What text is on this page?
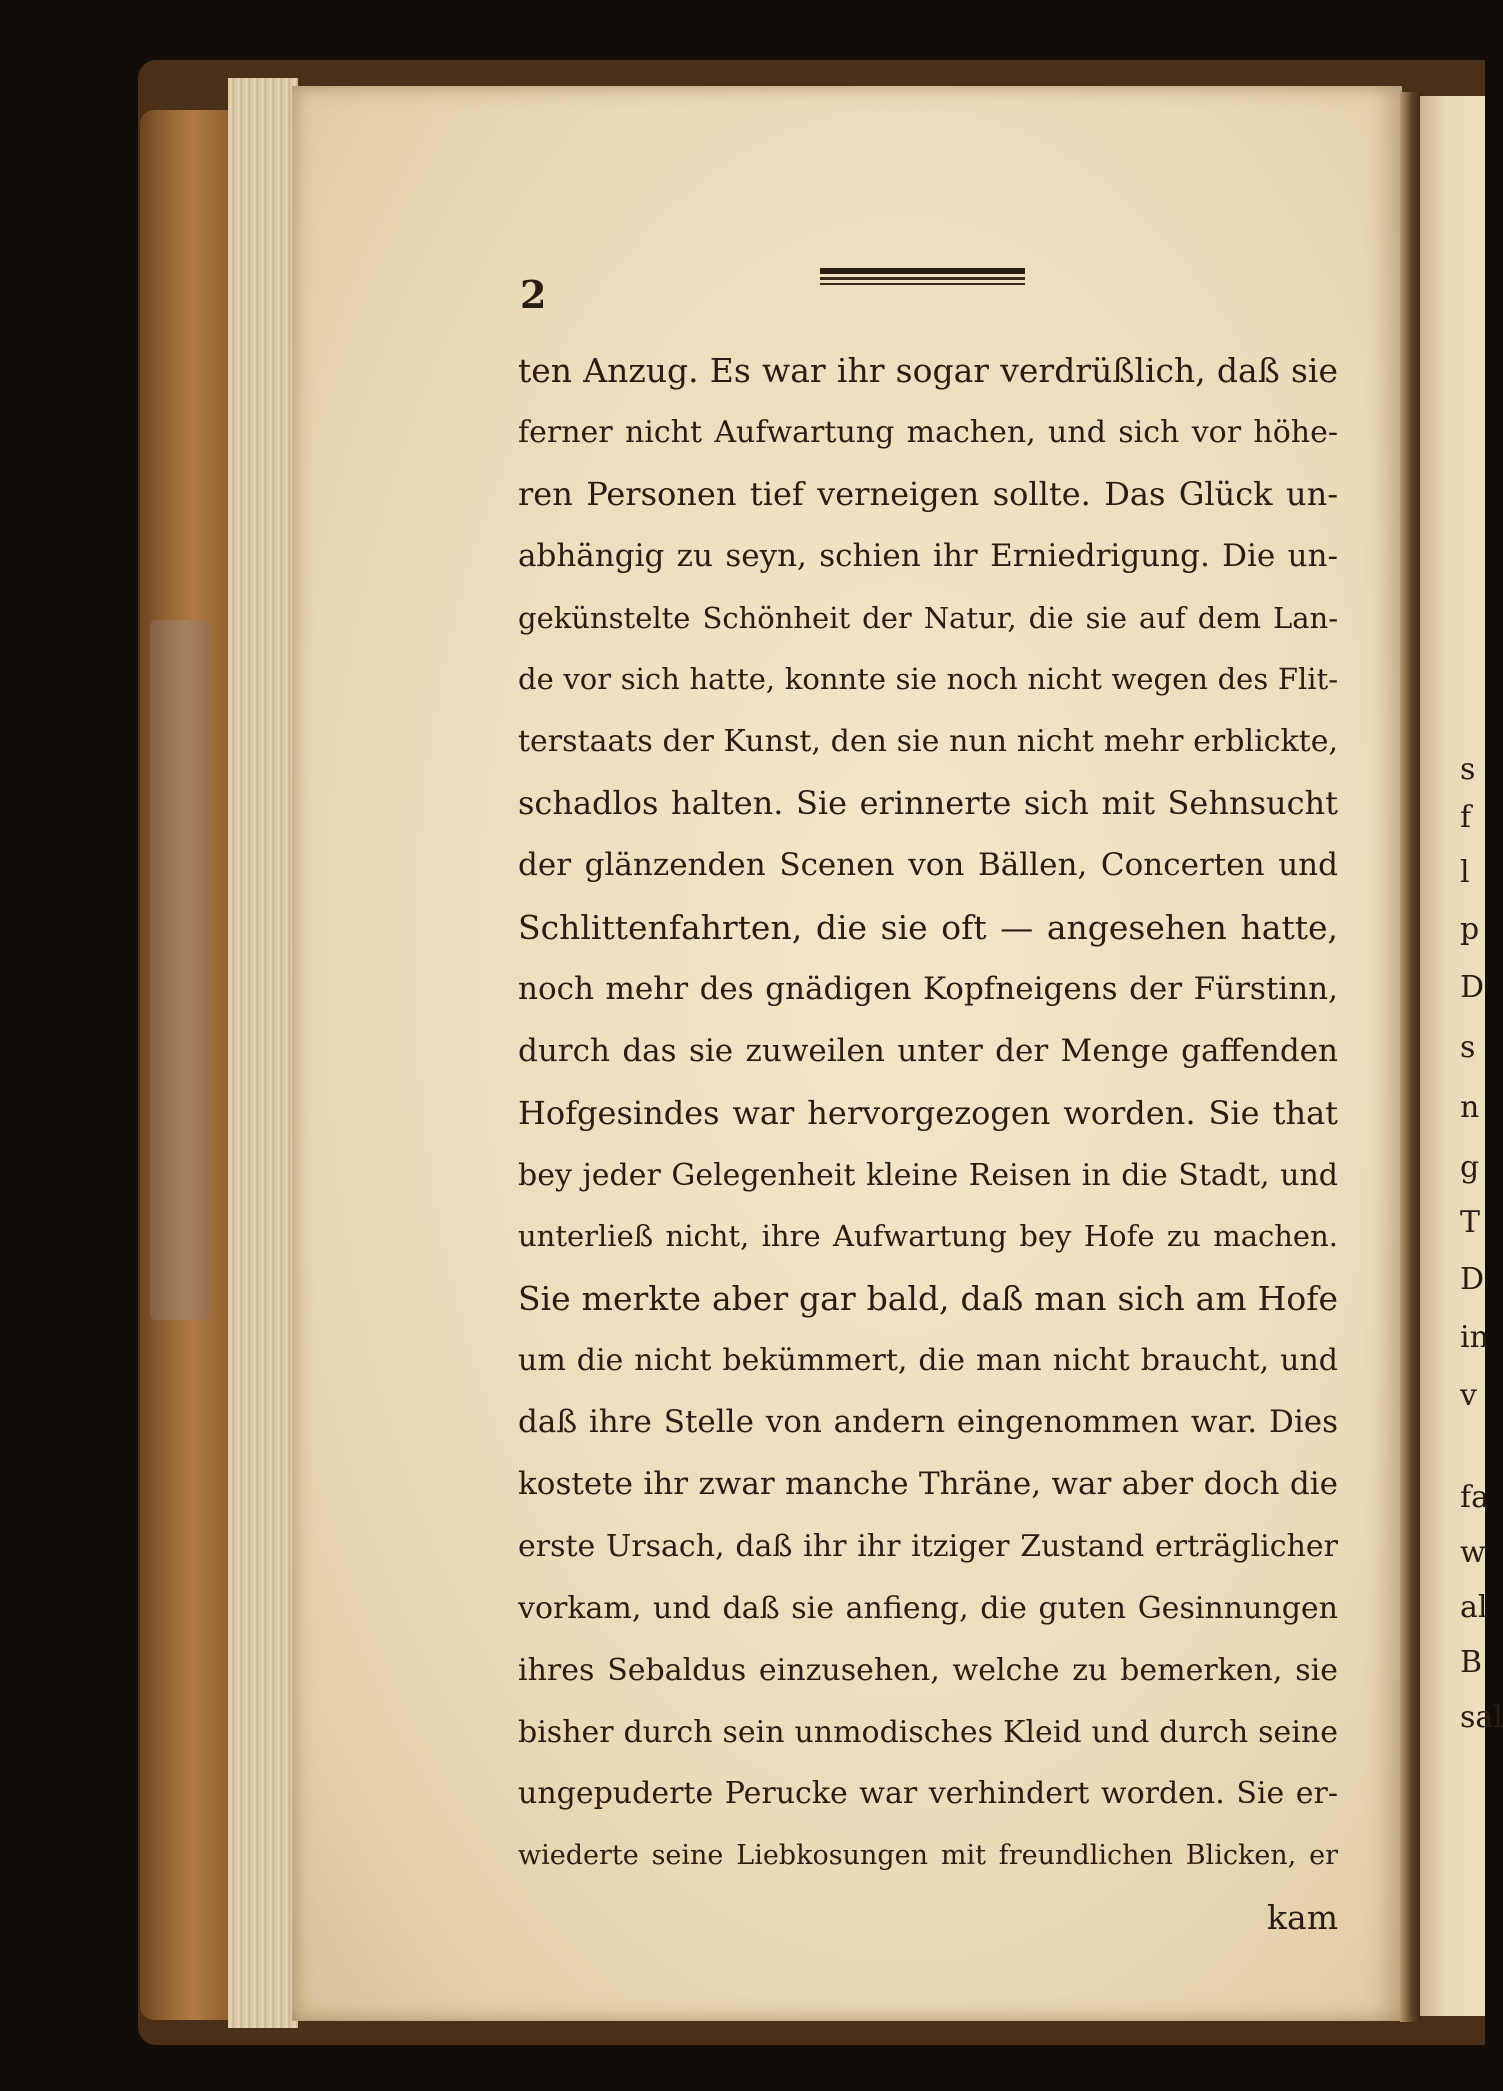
2
ten Anzug. Es war ihr sogar verdrüßlich, daß sie
ferner nicht Aufwartung machen, und sich vor höhe-
ren Personen tief verneigen sollte. Das Glück un-
abhängig zu seyn, schien ihr Erniedrigung. Die un-
gekünstelte Schönheit der Natur, die sie auf dem Lan-
de vor sich hatte, konnte sie noch nicht wegen des Flit-
terstaats der Kunst, den sie nun nicht mehr erblickte,
schadlos halten. Sie erinnerte sich mit Sehnsucht
der glänzenden Scenen von Bällen, Concerten und
Schlittenfahrten, die sie oft — angesehen hatte,
noch mehr des gnädigen Kopfneigens der Fürstinn,
durch das sie zuweilen unter der Menge gaffenden
Hofgesindes war hervorgezogen worden. Sie that
bey jeder Gelegenheit kleine Reisen in die Stadt, und
unterließ nicht, ihre Aufwartung bey Hofe zu machen.
Sie merkte aber gar bald, daß man sich am Hofe
um die nicht bekümmert, die man nicht braucht, und
daß ihre Stelle von andern eingenommen war. Dies
kostete ihr zwar manche Thräne, war aber doch die
erste Ursach, daß ihr ihr itziger Zustand erträglicher
vorkam, und daß sie anfieng, die guten Gesinnungen
ihres Sebaldus einzusehen, welche zu bemerken, sie
bisher durch sein unmodisches Kleid und durch seine
ungepuderte Perucke war verhindert worden. Sie er-
wiederte seine Liebkosungen mit freundlichen Blicken, er
kam
s
f
l
p
D
s
n
g
T
D
in
v
fa
w
al
B
sal
